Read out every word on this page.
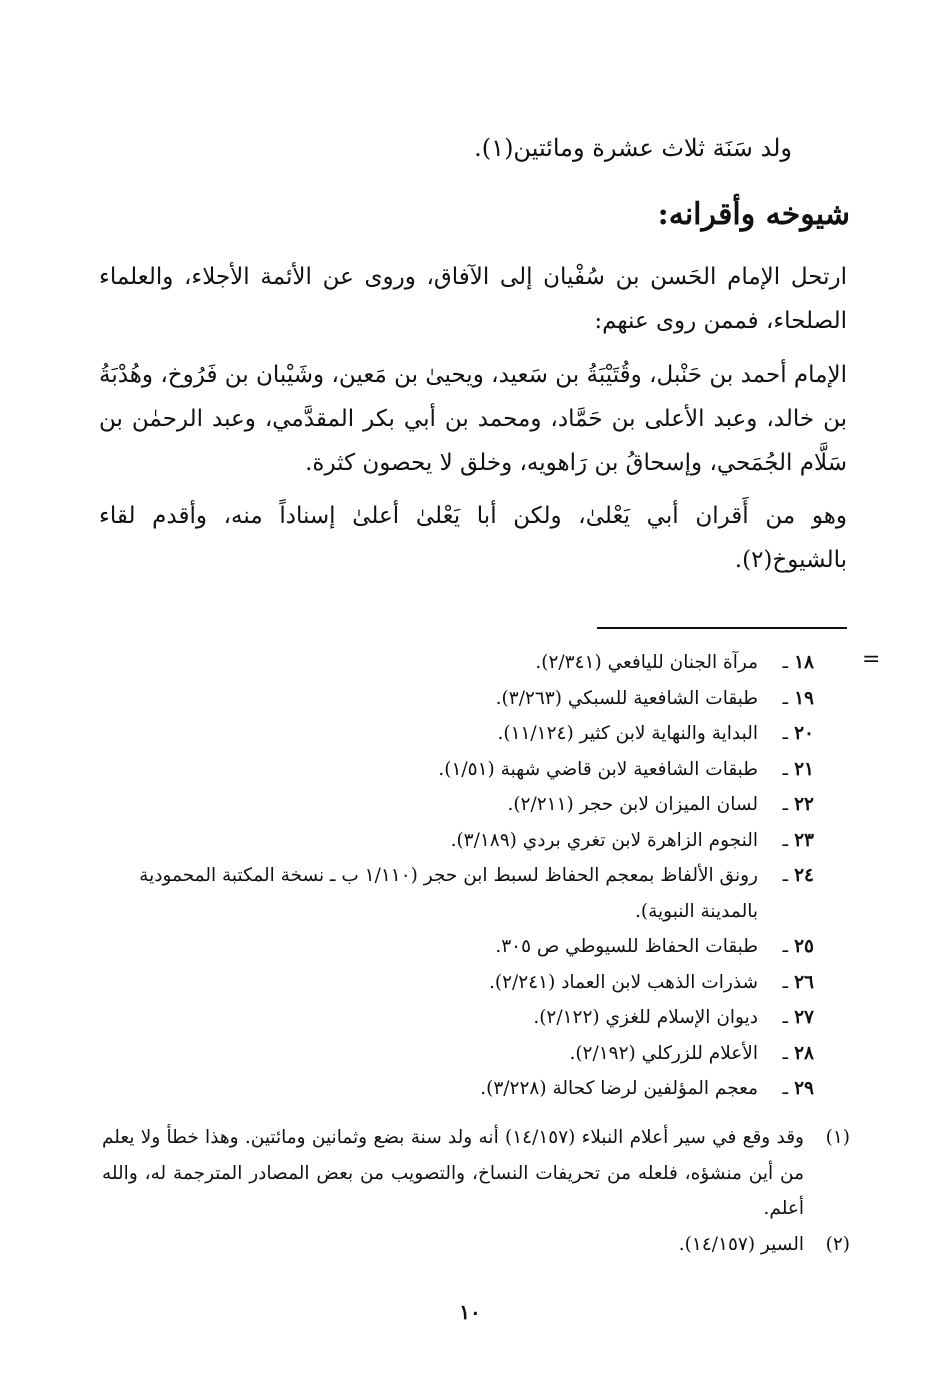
ولد سَنَة ثلاث عشرة ومائتين(١).
شيوخه وأقرانه:
ارتحل الإمام الحَسن بن سُفْيان إلى الآفاق، وروى عن الأئمة الأجلاء، والعلماء الصلحاء، فممن روى عنهم:
الإمام أحمد بن حَنْبل، وقُتَيْبَةُ بن سَعيد، ويحيىٰ بن مَعين، وشَيْبان بن فَرُوخ، وهُدْبَةُ بن خالد، وعبد الأعلى بن حَمَّاد، ومحمد بن أبي بكر المقدَّمي، وعبد الرحمٰن بن سَلَّام الجُمَحي، وإسحاقُ بن رَاهويه، وخلق لا يحصون كثرة.
وهو من أَقران أبي يَعْلىٰ، ولكن أبا يَعْلىٰ أعلىٰ إسناداً منه، وأقدم لقاء بالشيوخ(٢).
=
١٨
ـ
مرآة الجنان لليافعي (٢/٣٤١).
١٩
ـ
طبقات الشافعية للسبكي (٣/٢٦٣).
٢٠
ـ
البداية والنهاية لابن كثير (١١/١٢٤).
٢١
ـ
طبقات الشافعية لابن قاضي شهبة (١/٥١).
٢٢
ـ
لسان الميزان لابن حجر (٢/٢١١).
٢٣
ـ
النجوم الزاهرة لابن تغري بردي (٣/١٨٩).
٢٤
ـ
رونق الألفاظ بمعجم الحفاظ لسبط ابن حجر (١/١١٠ ب ـ نسخة المكتبة المحمودية بالمدينة النبوية).
٢٥
ـ
طبقات الحفاظ للسيوطي ص ٣٠٥.
٢٦
ـ
شذرات الذهب لابن العماد (٢/٢٤١).
٢٧
ـ
ديوان الإسلام للغزي (٢/١٢٢).
٢٨
ـ
الأعلام للزركلي (٢/١٩٢).
٢٩
ـ
معجم المؤلفين لرضا كحالة (٣/٢٢٨).
(١)
وقد وقع في سير أعلام النبلاء (١٤/١٥٧) أنه ولد سنة بضع وثمانين ومائتين. وهذا خطأ ولا يعلم من أين منشؤه، فلعله من تحريفات النساخ، والتصويب من بعض المصادر المترجمة له، والله أعلم.
(٢)
السير (١٤/١٥٧).
١٠
